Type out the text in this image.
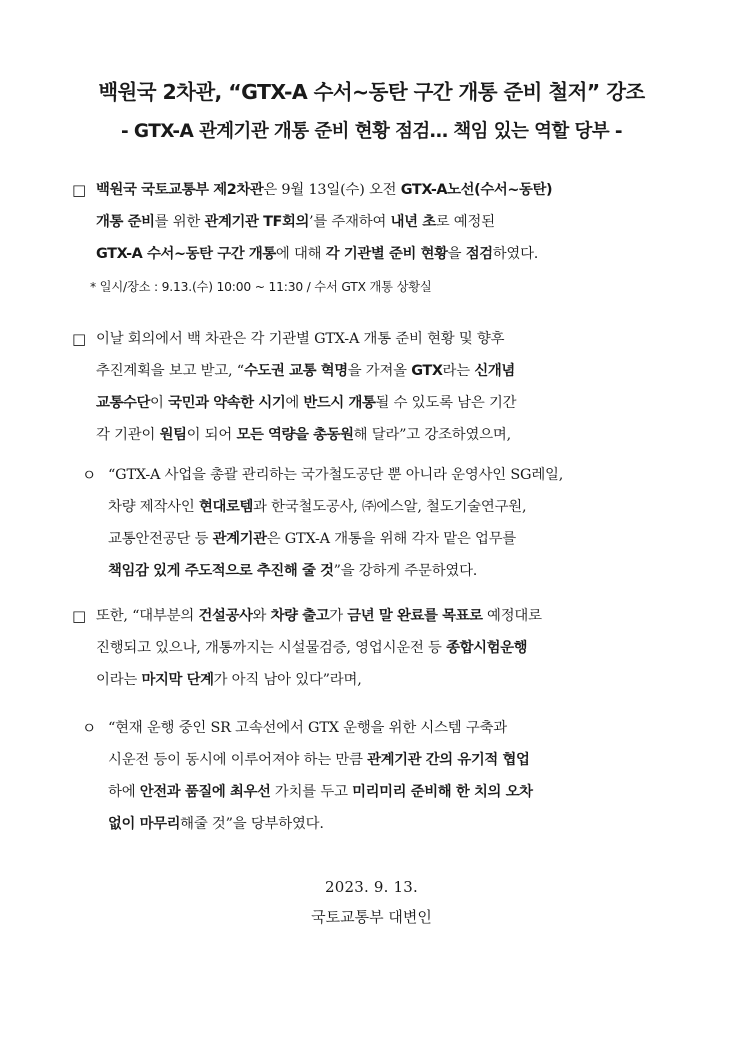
백원국 2차관, “GTX-A 수서~동탄 구간 개통 준비 철저” 강조
- GTX-A 관계기관 개통 준비 현황 점검… 책임 있는 역할 당부 -
□ 백원국 국토교통부 제2차관은 9월 13일(수) 오전 GTX-A노선(수서~동탄)
개통 준비를 위한 관계기관 TF회의’를 주재하여 내년 초로 예정된
GTX-A 수서~동탄 구간 개통에 대해 각 기관별 준비 현황을 점검하였다.
□ 이날 회의에서 백 차관은 각 기관별 GTX-A 개통 준비 현황 및 향후
추진계획을 보고 받고, “수도권 교통 혁명을 가져올 GTX라는 신개념
교통수단이 국민과 약속한 시기에 반드시 개통될 수 있도록 남은 기간
각 기관이 원팀이 되어 모든 역량을 총동원해 달라”고 강조하였으며,
ㅇ “GTX-A 사업을 총괄 관리하는 국가철도공단 뿐 아니라 운영사인 SG레일,
차량 제작사인 현대로템과 한국철도공사, ㈜에스알, 철도기술연구원,
교통안전공단 등 관계기관은 GTX-A 개통을 위해 각자 맡은 업무를
책임감 있게 주도적으로 추진해 줄 것”을 강하게 주문하였다.
□ 또한, “대부분의 건설공사와 차량 출고가 금년 말 완료를 목표로 예정대로
진행되고 있으나, 개통까지는 시설물검증, 영업시운전 등 종합시험운행
이라는 마지막 단계가 아직 남아 있다”라며,
ㅇ “현재 운행 중인 SR 고속선에서 GTX 운행을 위한 시스템 구축과
시운전 등이 동시에 이루어져야 하는 만큼 관계기관 간의 유기적 협업
하에 안전과 품질에 최우선 가치를 두고 미리미리 준비해 한 치의 오차
없이 마무리해줄 것”을 당부하였다.
* 일시/장소 : 9.13.(수) 10:00 ~ 11:30 / 수서 GTX 개통 상황실
2023. 9. 13.
국토교통부 대변인
